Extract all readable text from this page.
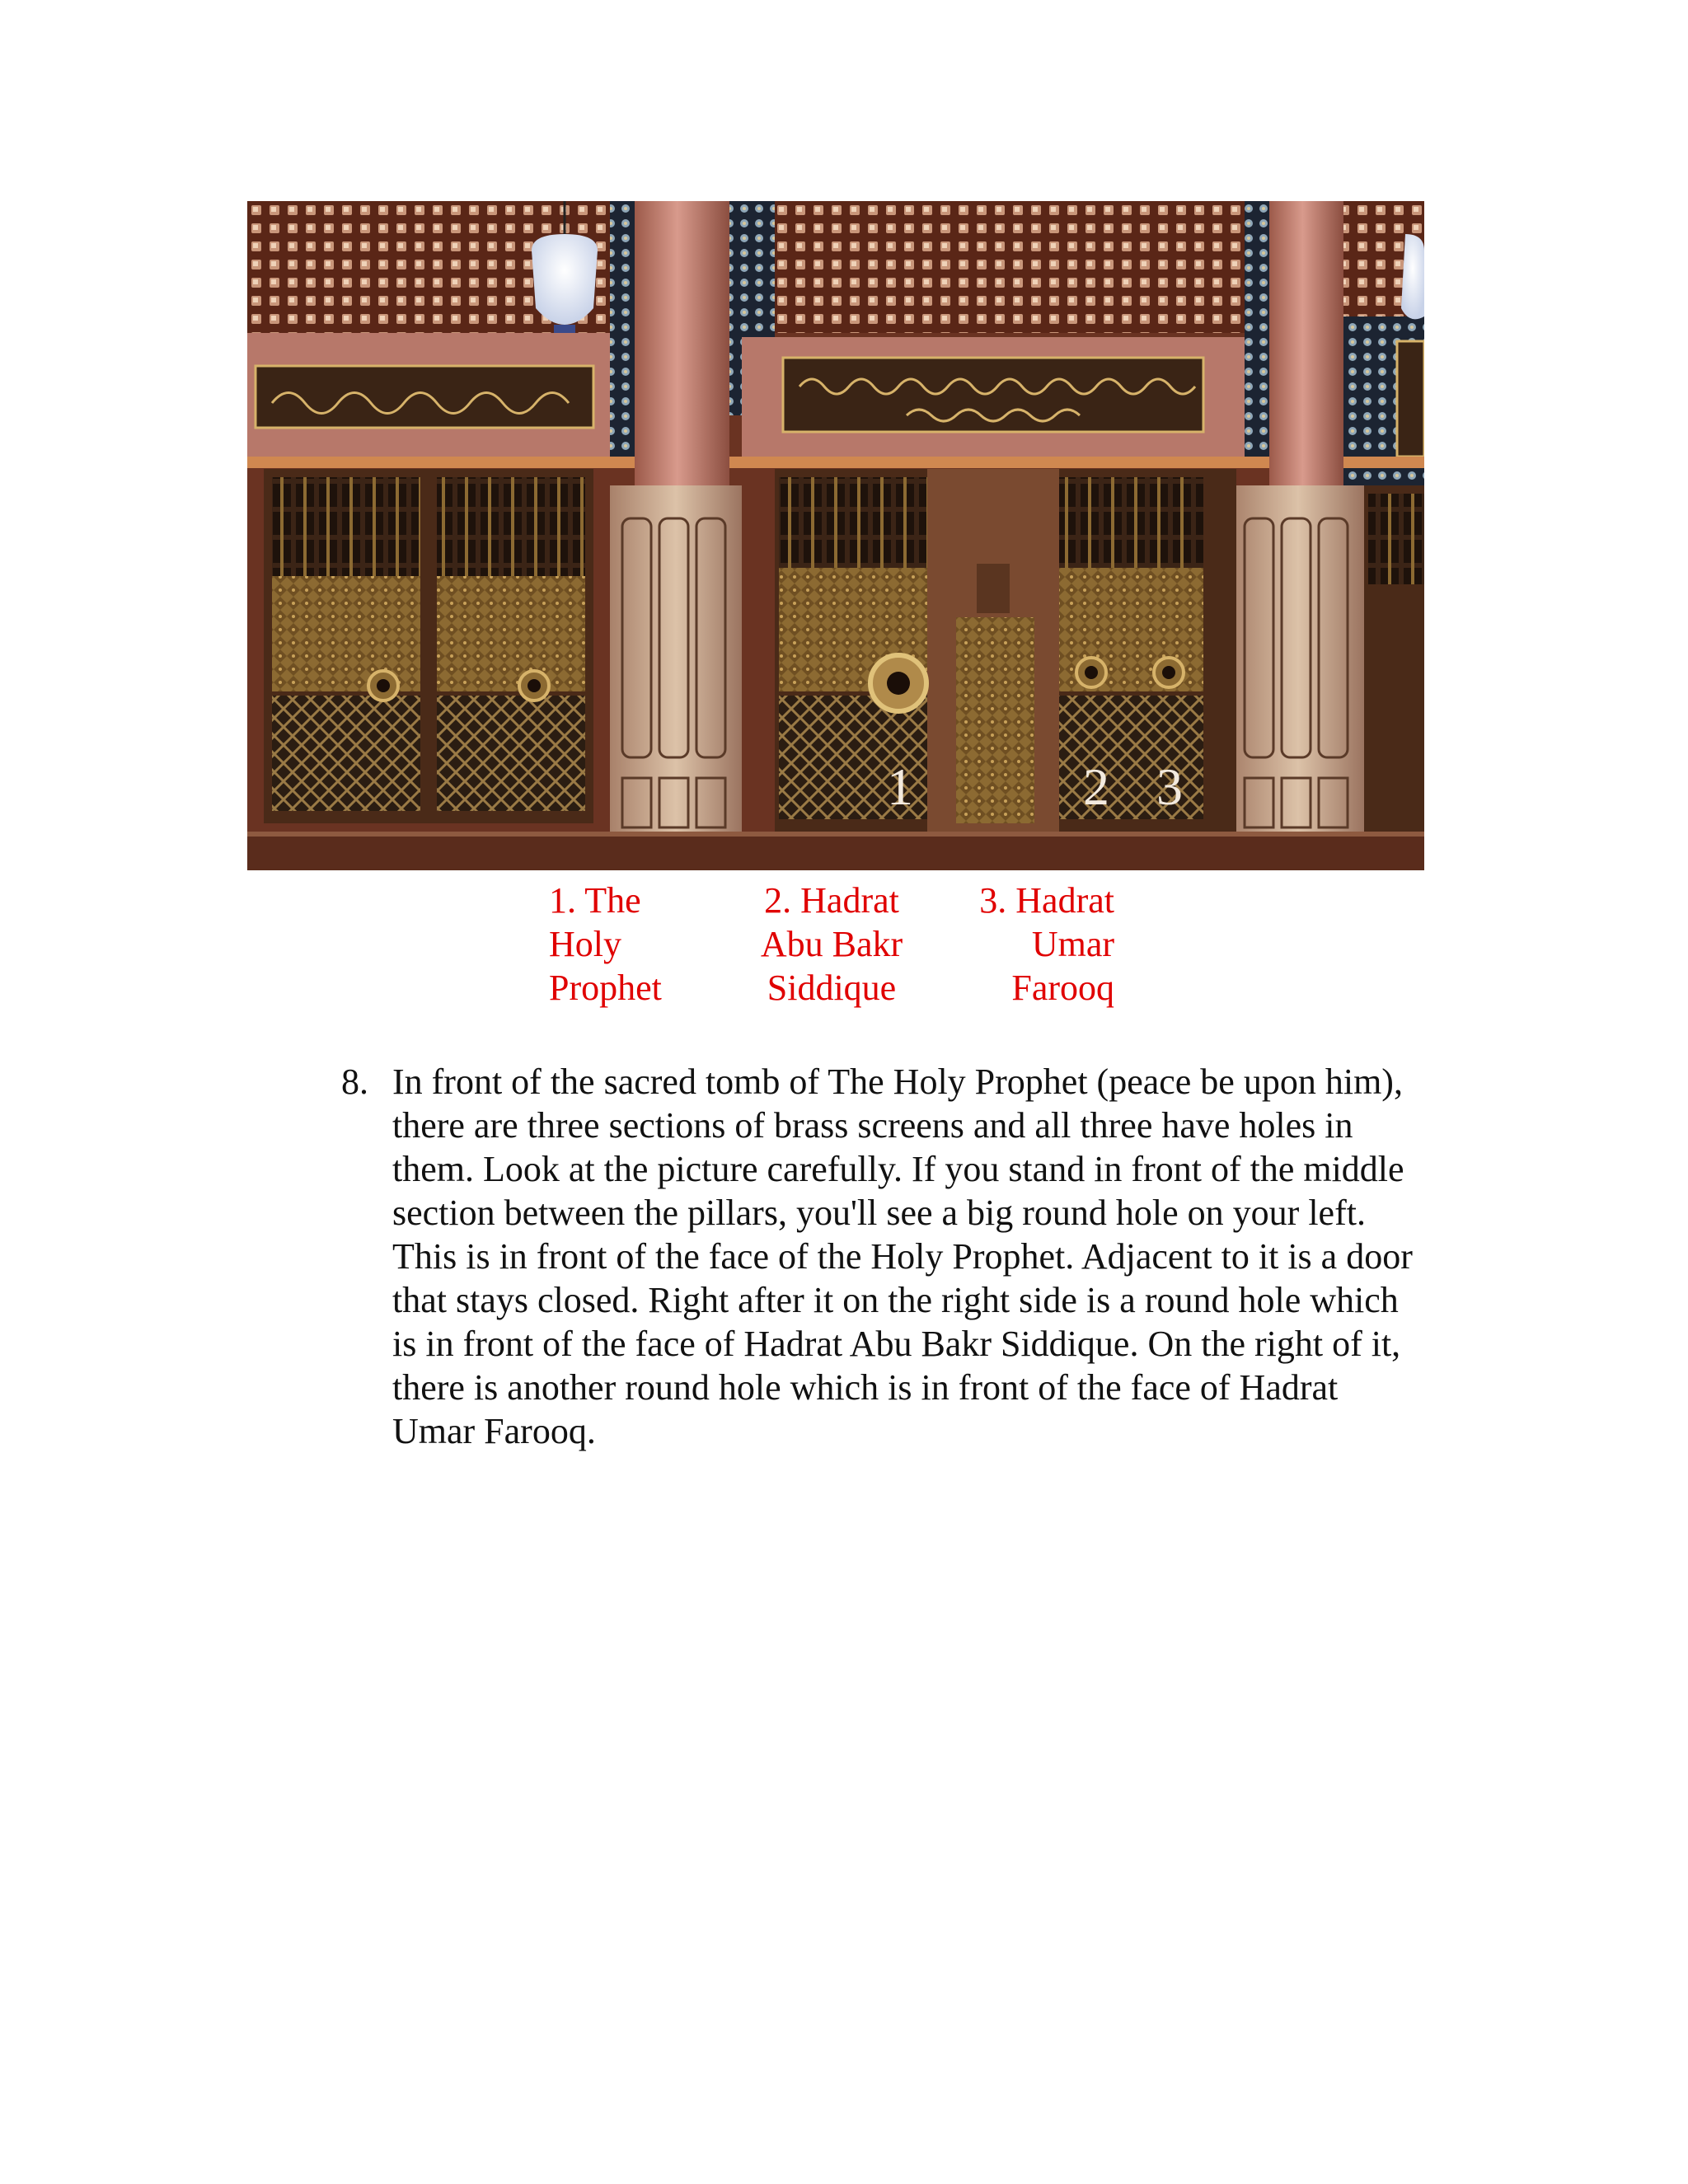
1	2 3
1. The
Holy
Prophet
2. Hadrat
Abu Bakr
Siddique
3. Hadrat
Umar
Farooq
8. In front of the sacred tomb of The Holy Prophet (peace be upon him),
there are three sections of brass screens and all three have holes in
them. Look at the picture carefully. If you stand in front of the middle
section between the pillars, you'll see a big round hole on your left.
This is in front of the face of the Holy Prophet. Adjacent to it is a door
that stays closed. Right after it on the right side is a round hole which
is in front of the face of Hadrat Abu Bakr Siddique. On the right of it,
there is another round hole which is in front of the face of Hadrat
Umar Farooq.
